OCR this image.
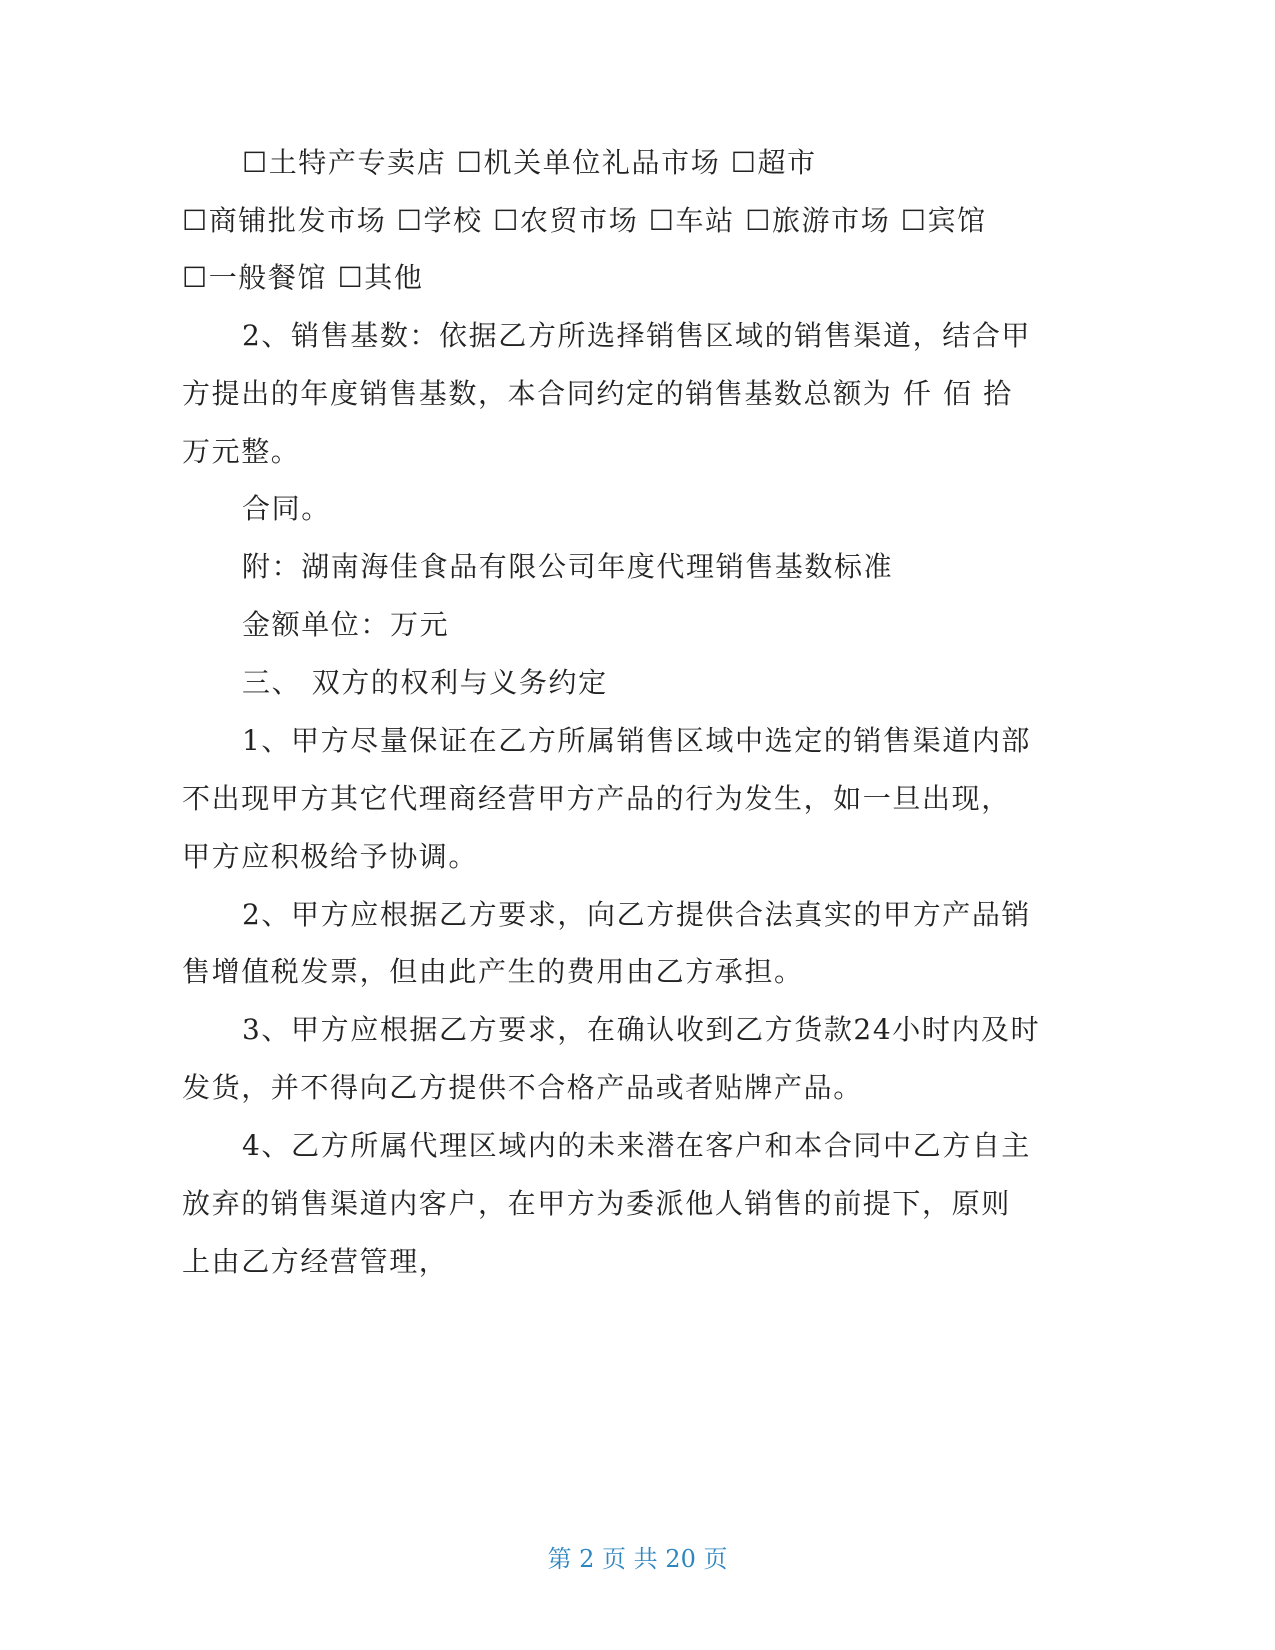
☐土特产专卖店 ☐机关单位礼品市场 ☐超市
☐商铺批发市场 ☐学校 ☐农贸市场 ☐车站 ☐旅游市场 ☐宾馆
☐一般餐馆 ☐其他
2、销售基数：依据乙方所选择销售区域的销售渠道，结合甲
方提出的年度销售基数，本合同约定的销售基数总额为 仟 佰 拾
万元整。
合同。
附：湖南海佳食品有限公司年度代理销售基数标准
金额单位：万元
三、 双方的权利与义务约定
1、甲方尽量保证在乙方所属销售区域中选定的销售渠道内部
不出现甲方其它代理商经营甲方产品的行为发生，如一旦出现，
甲方应积极给予协调。
2、甲方应根据乙方要求，向乙方提供合法真实的甲方产品销
售增值税发票，但由此产生的费用由乙方承担。
3、甲方应根据乙方要求，在确认收到乙方货款24小时内及时
发货，并不得向乙方提供不合格产品或者贴牌产品。
4、乙方所属代理区域内的未来潜在客户和本合同中乙方自主
放弃的销售渠道内客户，在甲方为委派他人销售的前提下，原则
上由乙方经营管理，
第 2 页 共 20 页
